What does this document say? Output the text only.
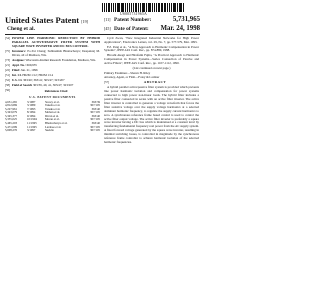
US005731965A
United States Patent [19]
Cheng et al.
[11] Patent Number:	5,731,965
[45] Date of Patent: Mar. 24, 1998
[54] POWER LINE HARMONIC REDUCTION BY HYBRID PARALLEL ACTIVE/PASSIVE FILTER SYSTEM WITH SQUARE WAVE INVERTER AND DC BUS CONTROL
[75] Inventors: Po-Tai Cheng; Subhashish Bhattacharya; Deepakraj M. Divan, all of Madison, Wis.
[73] Assignee: Wisconsin Alumni Research Foundation, Madison, Wis.
[21] Appl. No.: 669,935
[22] Filed: Jun. 21, 1996
[51] Int. Cl. H02M 1/12; H02M 1/14
[52] U.S. Cl. 363/40; 363/41; 363/47; 323/207
[58] Field of Search 363/39, 40, 41, 363/47; 323/207
[56]	References Cited
U.S. PATENT DOCUMENTS
4,651,265	3/1987	Stacey et al.	363/39
4,812,669	3/1989	Takeda et al.	307/105
5,227,961	7/1993	Tanaka et al.	363/40
5,343,079	8/1994	Mohan et al.	307/105
5,345,377	9/1994	Divan et al.	363/40
5,355,025	10/1994	Moran et al.	307/105
5,465,203	11/1995	Bhattacharya et al.	363/40
5,471,099	11/1995	Larabee et al.	307/105
5,608,276	3/1997	Suelzle	307/105

Cyril Zwan, "New Integrated Industrial Networks for High Power Applications", Electronics Letters, vol. 29, No. 7, pp. 577-579, Mar. 1993.

F.Z. Peng et al., "A New Approach to Harmonic Compensation in Power Systems", IEEE-IAS Conf. Rec., pp. 874-880, 1988.

Hiroshi Akagi and Hirofumi Fujita, "A Practical Approach to Harmonic Compensation in Power Systems—Series Connection of Passive and Active Filters", IEEE-IAS Conf. Rec., pp. 1107-1112, 1990.

(List continued on next page.)
Primary Examiner—Shawn H. Riley
Attorney, Agent, or Firm—Foley & Lardner
[57]	ABSTRACT

A hybrid parallel active/passive filter system is provided which prevents line power harmonic isolation and compensation for power systems connected to high power non-linear loads. The hybrid filter includes a passive filter connected in series with an active filter inverter. The active filter inverter is controlled to generate a voltage waveform that forces the filter resistive voltage over the supply voltage harmonics at a selected dominant harmonic frequency, to regulate the supply current harmonics to zero. A synchronous reference frame based control is used to control the active filter output voltage. The active filter inverter is preferably a square wave inverter having a DC bus which is maintained at a constant level by transferring fundamental frequency real power from the AC supply system. A fixed forward voltage generated by the square wave inverter, resulting in minimal switching losses, is controlled in magnitude by the synchronous reference frame controller to achieve harmonic isolation of the selected harmonic frequencies.
